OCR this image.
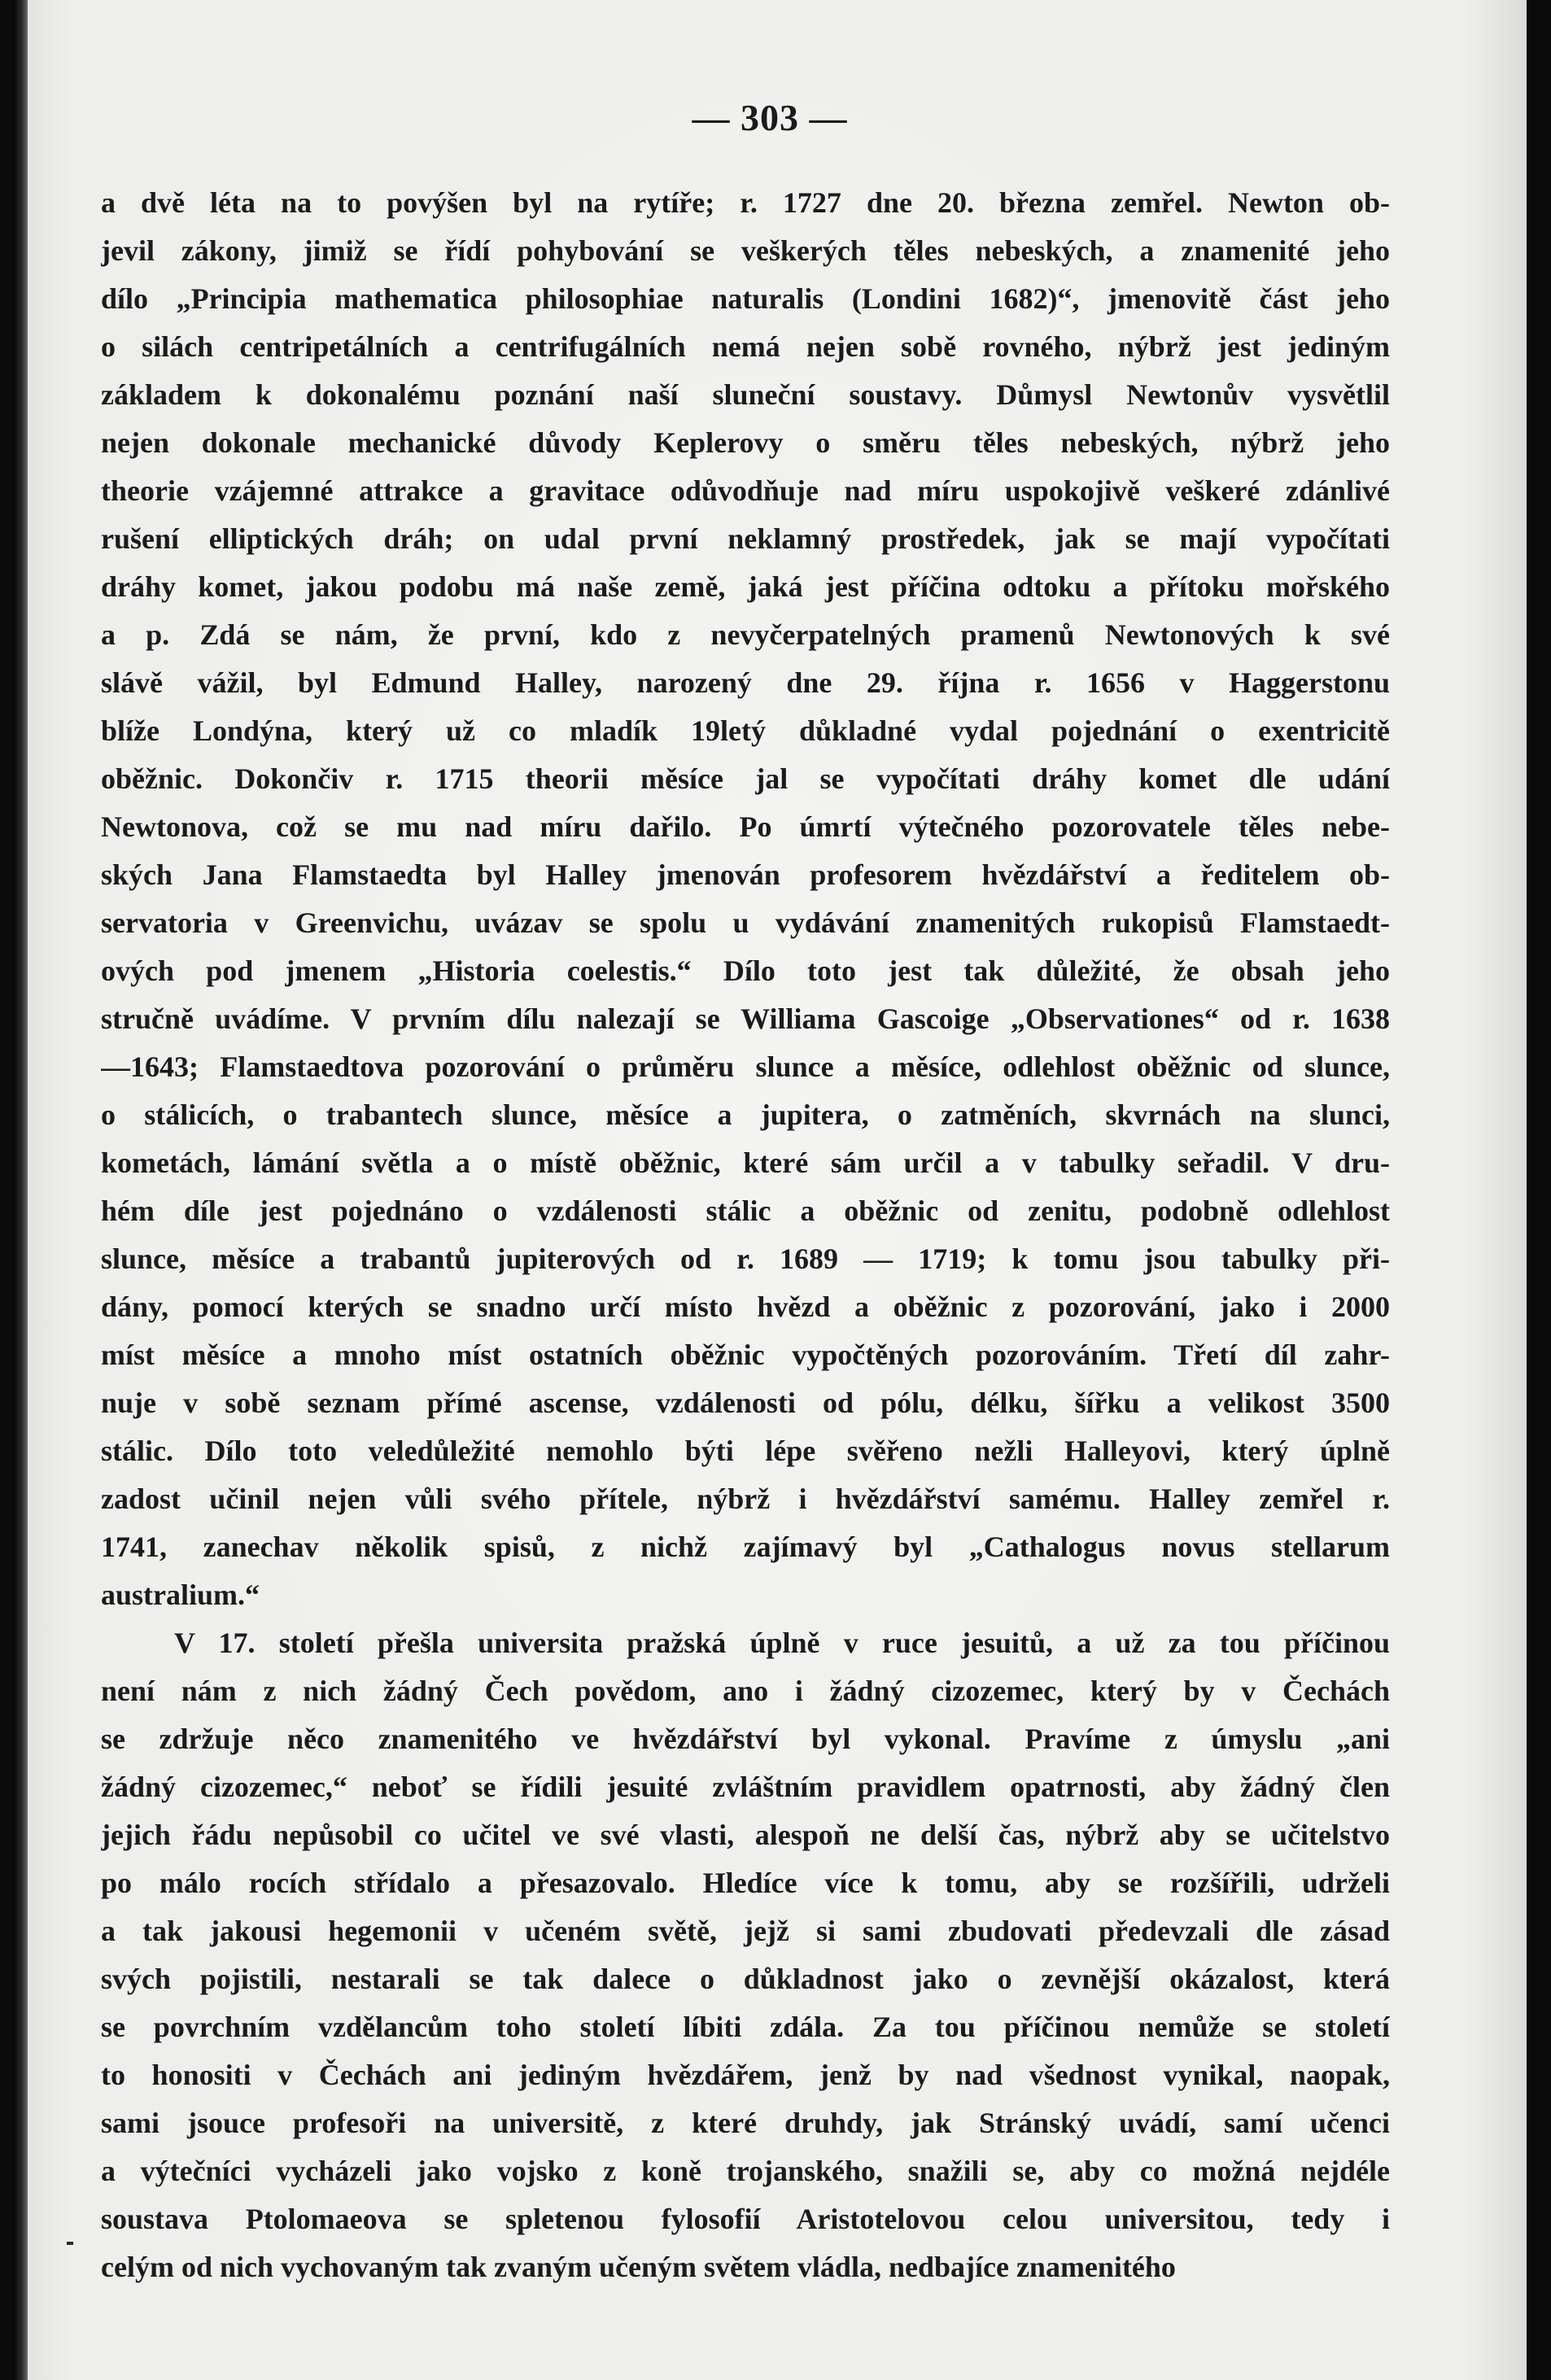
— 303 —
a dvě léta na to povýšen byl na rytíře; r. 1727 dne 20. března zemřel. Newton ob-
jevil zákony, jimiž se řídí pohybování se veškerých těles nebeských, a znamenité jeho
dílo „Principia mathematica philosophiae naturalis (Londini 1682)“, jmenovitě část jeho
o silách centripetálních a centrifugálních nemá nejen sobě rovného, nýbrž jest jediným
základem k dokonalému poznání naší sluneční soustavy. Důmysl Newtonův vysvětlil
nejen dokonale mechanické důvody Keplerovy o směru těles nebeských, nýbrž jeho
theorie vzájemné attrakce a gravitace odůvodňuje nad míru uspokojivě veškeré zdánlivé
rušení elliptických dráh; on udal první neklamný prostředek, jak se mají vypočítati
dráhy komet, jakou podobu má naše země, jaká jest příčina odtoku a přítoku mořského
a p. Zdá se nám, že první, kdo z nevyčerpatelných pramenů Newtonových k své
slávě vážil, byl Edmund Halley, narozený dne 29. října r. 1656 v Haggerstonu
blíže Londýna, který už co mladík 19letý důkladné vydal pojednání o exentricitě
oběžnic. Dokončiv r. 1715 theorii měsíce jal se vypočítati dráhy komet dle udání
Newtonova, což se mu nad míru dařilo. Po úmrtí výtečného pozorovatele těles nebe-
ských Jana Flamstaedta byl Halley jmenován profesorem hvězdářství a ředitelem ob-
servatoria v Greenvichu, uvázav se spolu u vydávání znamenitých rukopisů Flamstaedt-
ových pod jmenem „Historia coelestis.“ Dílo toto jest tak důležité, že obsah jeho
stručně uvádíme. V prvním dílu nalezají se Williama Gascoige „Observationes“ od r. 1638
—1643; Flamstaedtova pozorování o průměru slunce a měsíce, odlehlost oběžnic od slunce,
o stálicích, o trabantech slunce, měsíce a jupitera, o zatměních, skvrnách na slunci,
kometách, lámání světla a o místě oběžnic, které sám určil a v tabulky seřadil. V dru-
hém díle jest pojednáno o vzdálenosti stálic a oběžnic od zenitu, podobně odlehlost
slunce, měsíce a trabantů jupiterových od r. 1689 — 1719; k tomu jsou tabulky při-
dány, pomocí kterých se snadno určí místo hvězd a oběžnic z pozorování, jako i 2000
míst měsíce a mnoho míst ostatních oběžnic vypočtěných pozorováním. Třetí díl zahr-
nuje v sobě seznam přímé ascense, vzdálenosti od pólu, délku, šířku a velikost 3500
stálic. Dílo toto veledůležité nemohlo býti lépe svěřeno nežli Halleyovi, který úplně
zadost učinil nejen vůli svého přítele, nýbrž i hvězdářství samému. Halley zemřel r.
1741, zanechav několik spisů, z nichž zajímavý byl „Cathalogus novus stellarum
australium.“
V 17. století přešla universita pražská úplně v ruce jesuitů, a už za tou příčinou
není nám z nich žádný Čech povědom, ano i žádný cizozemec, který by v Čechách
se zdržuje něco znamenitého ve hvězdářství byl vykonal. Pravíme z úmyslu „ani
žádný cizozemec,“ neboť se řídili jesuité zvláštním pravidlem opatrnosti, aby žádný člen
jejich řádu nepůsobil co učitel ve své vlasti, alespoň ne delší čas, nýbrž aby se učitelstvo
po málo rocích střídalo a přesazovalo. Hledíce více k tomu, aby se rozšířili, udrželi
a tak jakousi hegemonii v učeném světě, jejž si sami zbudovati předevzali dle zásad
svých pojistili, nestarali se tak dalece o důkladnost jako o zevnější okázalost, která
se povrchním vzdělancům toho století líbiti zdála. Za tou příčinou nemůže se století
to honositi v Čechách ani jediným hvězdářem, jenž by nad všednost vynikal, naopak,
sami jsouce profesoři na universitě, z které druhdy, jak Stránský uvádí, samí učenci
a výtečníci vycházeli jako vojsko z koně trojanského, snažili se, aby co možná nejdéle
soustava Ptolomaeova se spletenou fylosofií Aristotelovou celou universitou, tedy i
celým od nich vychovaným tak zvaným učeným světem vládla, nedbajíce znamenitého
